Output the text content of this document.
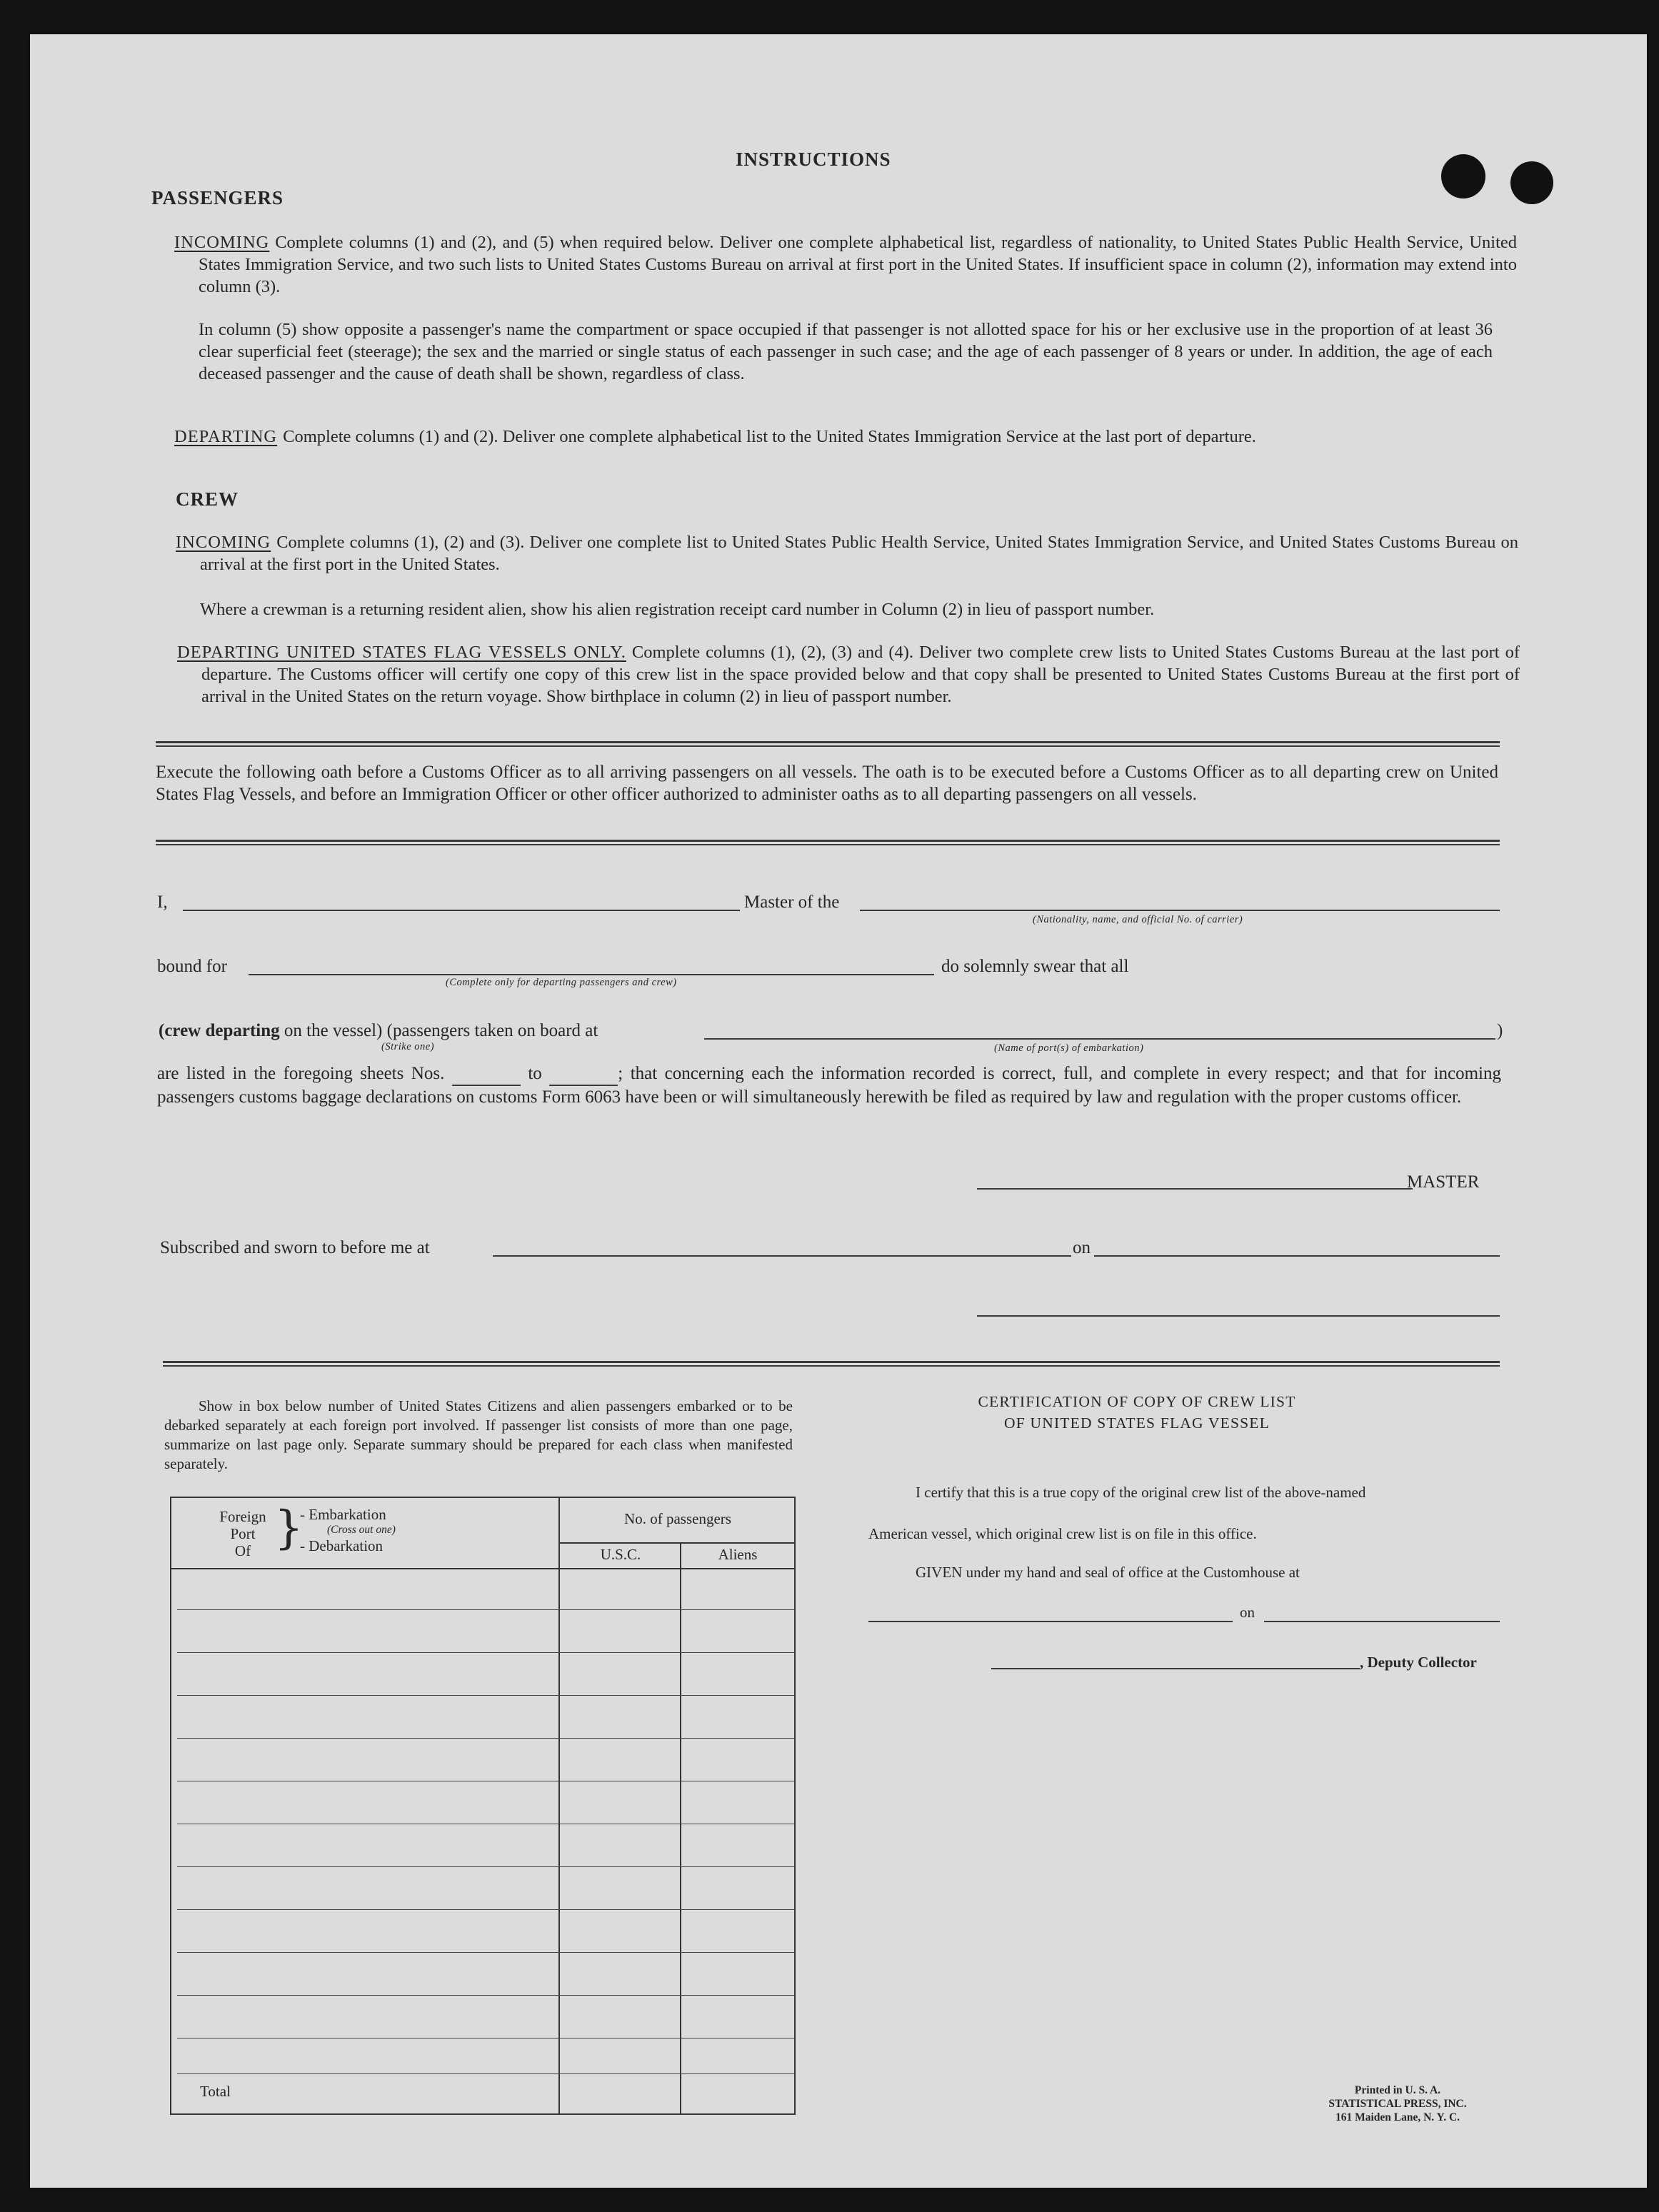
INSTRUCTIONS
PASSENGERS
INCOMING Complete columns (1) and (2), and (5) when required below. Deliver one complete alphabetical list, regardless of nationality, to United States Public Health Service, United States Immigration Service, and two such lists to United States Customs Bureau on arrival at first port in the United States. If insufficient space in column (2), information may extend into column (3).
In column (5) show opposite a passenger's name the compartment or space occupied if that passenger is not allotted space for his or her exclusive use in the proportion of at least 36 clear superficial feet (steerage); the sex and the married or single status of each passenger in such case; and the age of each passenger of 8 years or under. In addition, the age of each deceased passenger and the cause of death shall be shown, regardless of class.
DEPARTING Complete columns (1) and (2). Deliver one complete alphabetical list to the United States Immigration Service at the last port of departure.
CREW
INCOMING Complete columns (1), (2) and (3). Deliver one complete list to United States Public Health Service, United States Immigration Service, and United States Customs Bureau on arrival at the first port in the United States.
Where a crewman is a returning resident alien, show his alien registration receipt card number in Column (2) in lieu of passport number.
DEPARTING UNITED STATES FLAG VESSELS ONLY. Complete columns (1), (2), (3) and (4). Deliver two complete crew lists to United States Customs Bureau at the last port of departure. The Customs officer will certify one copy of this crew list in the space provided below and that copy shall be presented to United States Customs Bureau at the first port of arrival in the United States on the return voyage. Show birthplace in column (2) in lieu of passport number.
Execute the following oath before a Customs Officer as to all arriving passengers on all vessels. The oath is to be executed before a Customs Officer as to all departing crew on United States Flag Vessels, and before an Immigration Officer or other officer authorized to administer oaths as to all departing passengers on all vessels.
I,	Master of the
(Nationality, name, and official No. of carrier)
bound for
(Complete only for departing passengers and crew)
do solemnly swear that all
(crew departing on the vessel) (passengers taken on board at
(Strike one)
)
(Name of port(s) of embarkation)
are listed in the foregoing sheets Nos.	to	; that concerning each the information recorded is correct, full, and complete in every respect; and that for incoming passengers customs baggage declarations on customs Form 6063 have been or will simultaneously herewith be filed as required by law and regulation with the proper customs officer.
MASTER
Subscribed and sworn to before me at	on
Show in box below number of United States Citizens and alien passengers embarked or to be debarked separately at each foreign port involved. If passenger list consists of more than one page, summarize on last page only. Separate summary should be prepared for each class when manifested separately.
Foreign
Port
Of }
- Embarkation
(Cross out one)
- Debarkation
No. of passengers
U.S.C.	Aliens
Total
CERTIFICATION OF COPY OF CREW LIST
OF UNITED STATES FLAG VESSEL
I certify that this is a true copy of the original crew list of the above-named
American vessel, which original crew list is on file in this office.
GIVEN under my hand and seal of office at the Customhouse at
on
, Deputy Collector
Printed in U. S. A.
STATISTICAL PRESS, INC.
161 Maiden Lane, N. Y. C.
